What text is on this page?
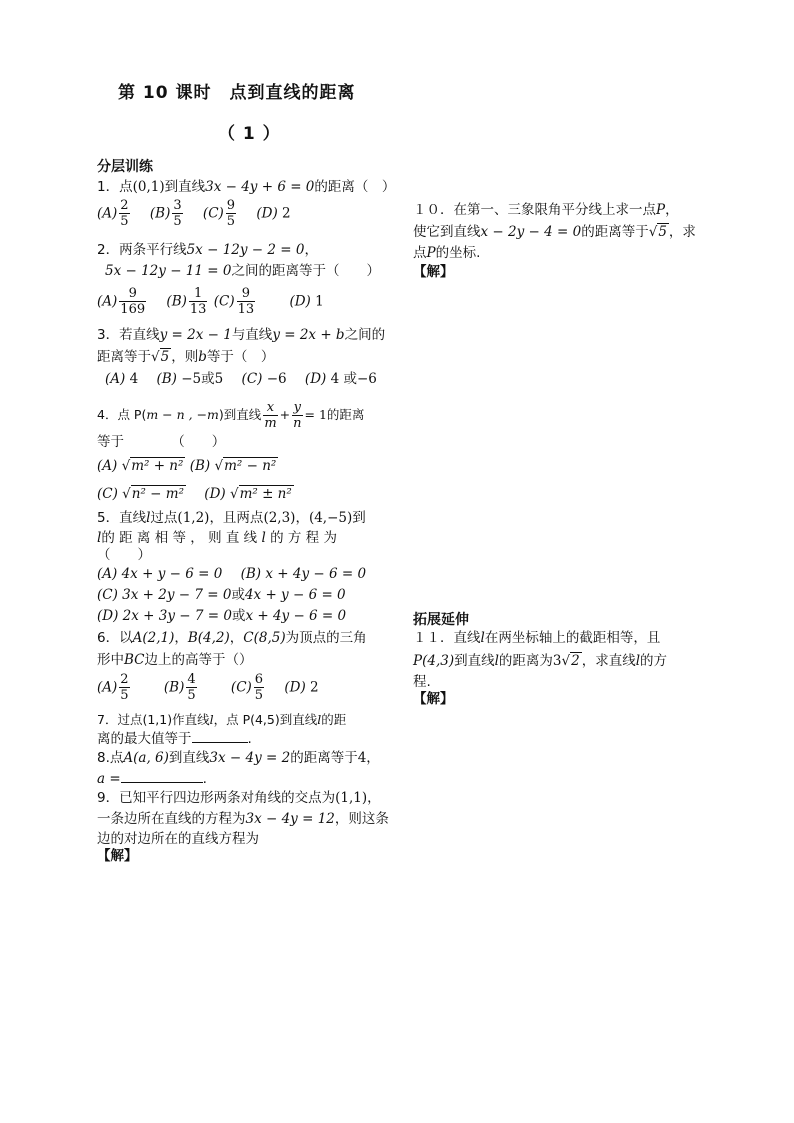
第 10 课时　点到直线的距离
（ 1 ）
分层训练
1．点(0,1)到直线3x − 4y + 6 = 0的距离（　）
$(A) \frac{2}{5} (B) \frac{3}{5} (C) \frac{9}{5} (D)$ 2
2．两条平行线5x − 12y − 2 = 0，
5x − 12y − 11 = 0之间的距离等于（　　）
$(A) \frac{9}{169} (B) \frac{1}{13} (C) \frac{9}{13}$	(D) 1
3．若直线y = 2x − 1与直线y = 2x + b之间的
距离等于√5 ，则b等于（　）
(A) 4 (B) −5或5 (C) −6 (D) 4 或−6
4．点 P(m − n , −m)到直线 $\frac{x}{m} + \frac{y}{n} = 1$的距离
等于　　　　（　　）
(A) √m² + n² (B) √m² − n²
(C) √n² − m² (D) √m² ± n²
5．直线l过点(1,2)，且两点(2,3)，(4,−5)到
l的 距 离 相 等 ， 则 直 线 l 的 方 程 为
（　　）
(A) 4x + y − 6 = 0 (B) x + 4y − 6 = 0
(C) 3x + 2y − 7 = 0或4x + y − 6 = 0
(D) 2x + 3y − 7 = 0或x + 4y − 6 = 0
6．以A(2,1)，B(4,2)，C(8,5)为顶点的三角
形中BC边上的高等于（）
$(A) \frac{2}{5}$	$(B) \frac{4}{5}$	$(C) \frac{6}{5} (D)$ 2
7．过点(1,1)作直线l，点 P(4,5)到直线l的距
离的最大值等于	.
8.点A(a, 6)到直线3x − 4y = 2的距离等于4，
a =	.
9．已知平行四边形两条对角线的交点为(1,1)，
一条边所在直线的方程为3x − 4y = 12，则这条
边的对边所在的直线方程为
【解】
１０．在第一、三象限角平分线上求一点P，
使它到直线x − 2y − 4 = 0的距离等于√5 ，求
点P的坐标.
【解】
拓展延伸
１１．直线l在两坐标轴上的截距相等，且
P(4,3)到直线l的距离为3√2 ，求直线l的方
程.
【解】
